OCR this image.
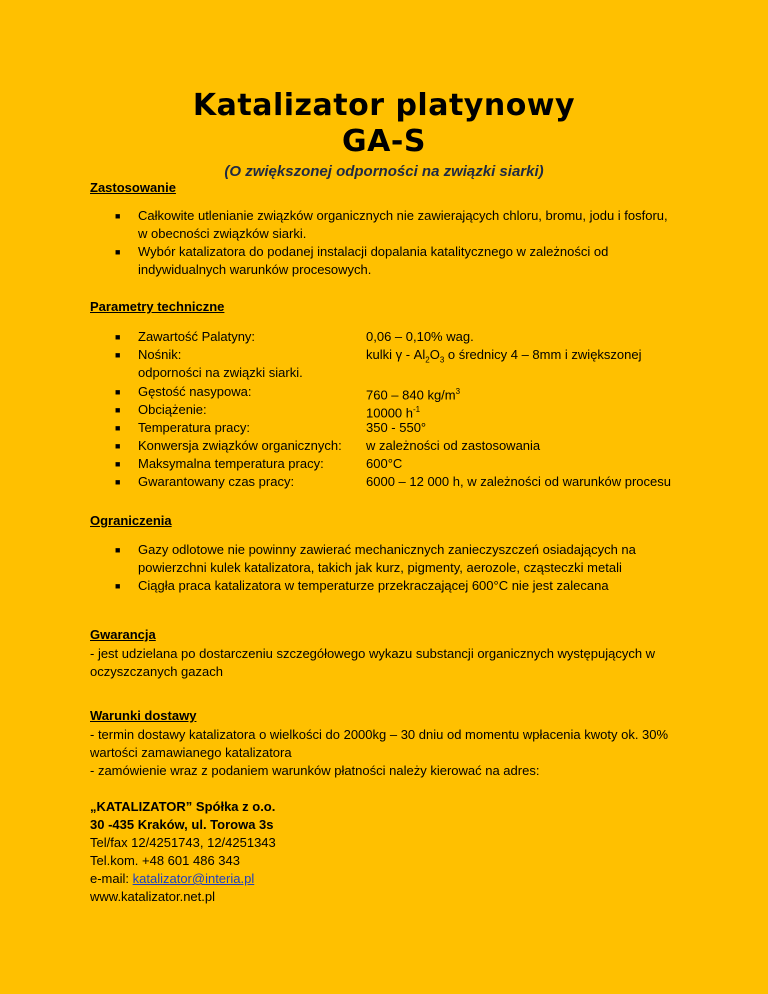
Katalizator platynowy
GA-S
(O zwiększonej odporności na związki siarki)
Zastosowanie
■ Całkowite utlenianie związków organicznych nie zawierających chloru, bromu, jodu i fosforu,
w obecności związków siarki.
■ Wybór katalizatora do podanej instalacji dopalania katalitycznego w zależności od
indywidualnych warunków procesowych.
Parametry techniczne
■ Zawartość Palatyny:	0,06 – 0,10% wag.
■ Nośnik:	kulki γ - $Al_2O_3$ o średnicy 4 – 8mm i zwiększonej
odporności na związki siarki.
■ Gęstość nasypowa:	760 – 840 $kg/m^3$
■ Obciążenie:	10000 $h^{-1}$
■ Temperatura pracy:	350 - 550°
■ Konwersja związków organicznych: w zależności od zastosowania
■ Maksymalna temperatura pracy:	600°C
■ Gwarantowany czas pracy:	6000 – 12 000 h, w zależności od warunków procesu
Ograniczenia
■ Gazy odlotowe nie powinny zawierać mechanicznych zanieczyszczeń osiadających na
powierzchni kulek katalizatora, takich jak kurz, pigmenty, aerozole, cząsteczki metali
■ Ciągła praca katalizatora w temperaturze przekraczającej 600°C nie jest zalecana
Gwarancja
- jest udzielana po dostarczeniu szczegółowego wykazu substancji organicznych występujących w
oczyszczanych gazach
Warunki dostawy
- termin dostawy katalizatora o wielkości do 2000kg – 30 dniu od momentu wpłacenia kwoty ok. 30%
wartości zamawianego katalizatora
- zamówienie wraz z podaniem warunków płatności należy kierować na adres:
„KATALIZATOR” Spółka z o.o.
30 -435 Kraków, ul. Torowa 3s
Tel/fax 12/4251743, 12/4251343
Tel.kom. +48 601 486 343
e-mail: katalizator@interia.pl
www.katalizator.net.pl
